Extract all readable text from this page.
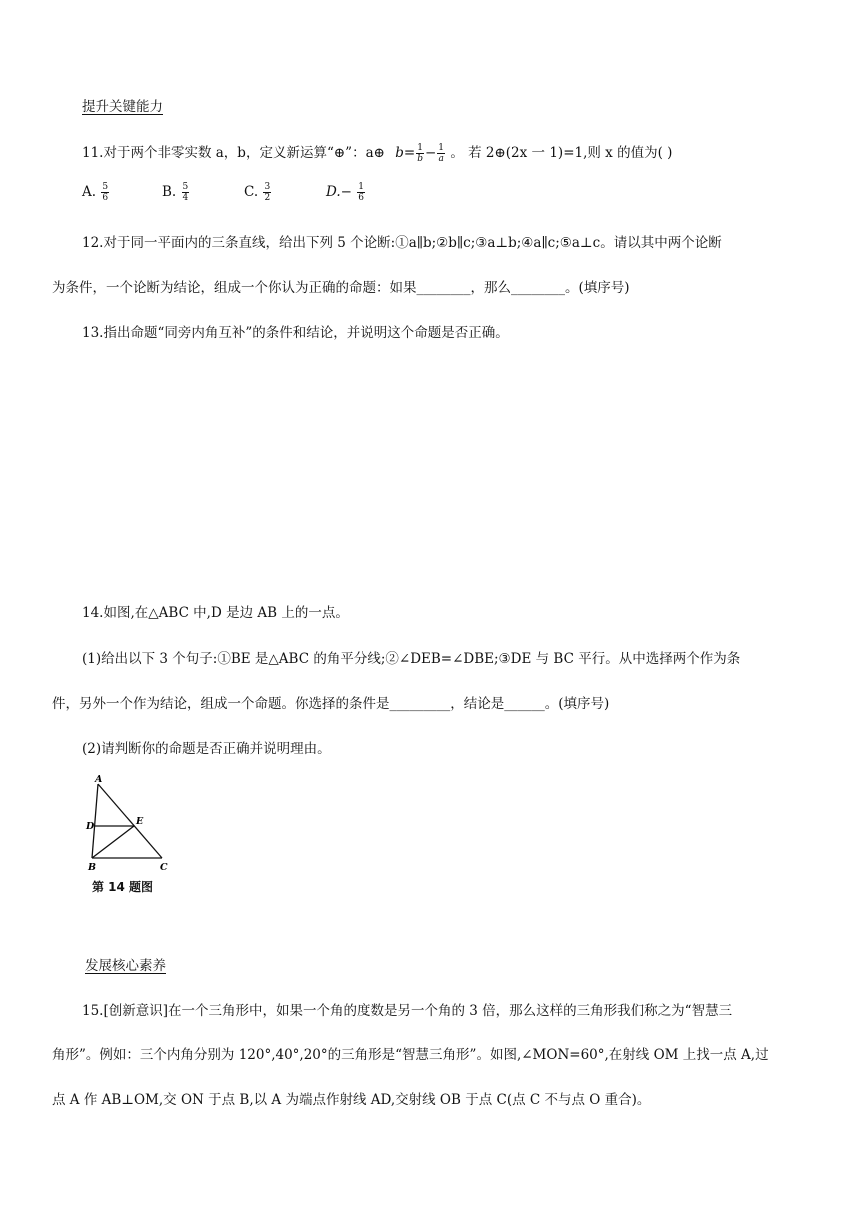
提升关键能力
11.对于两个非零实数 a，b，定义新运算“⊕”：a⊕ $b= \frac{1}{b} - \frac{1}{a}$ 。 若 2⊕(2x 一 1)=1,则 x 的值为( )
A. $\frac{5}{6}$	B. $\frac{5}{4}$	C. $\frac{3}{2}$	$D.- \frac{1}{6}$
12.对于同一平面内的三条直线，给出下列 5 个论断:①a∥b;②b∥c;③a⊥b;④a∥c;⑤a⊥c。请以其中两个论断
为条件，一个论断为结论，组成一个你认为正确的命题：如果________，那么________。(填序号)
13.指出命题“同旁内角互补”的条件和结论，并说明这个命题是否正确。
14.如图,在△ABC 中,D 是边 AB 上的一点。
(1)给出以下 3 个句子:①BE 是△ABC 的角平分线;②∠DEB=∠DBE;③DE 与 BC 平行。从中选择两个作为条
件，另外一个作为结论，组成一个命题。你选择的条件是_________，结论是______。(填序号)
(2)请判断你的命题是否正确并说明理由。
A
D	E
B	C
第 14 题图
发展核心素养
15.[创新意识]在一个三角形中，如果一个角的度数是另一个角的 3 倍，那么这样的三角形我们称之为“智慧三
角形”。例如：三个内角分别为 120°,40°,20°的三角形是“智慧三角形”。如图,∠MON=60°,在射线 OM 上找一点 A,过
点 A 作 AB⊥OM,交 ON 于点 B,以 A 为端点作射线 AD,交射线 OB 于点 C(点 C 不与点 O 重合)。
